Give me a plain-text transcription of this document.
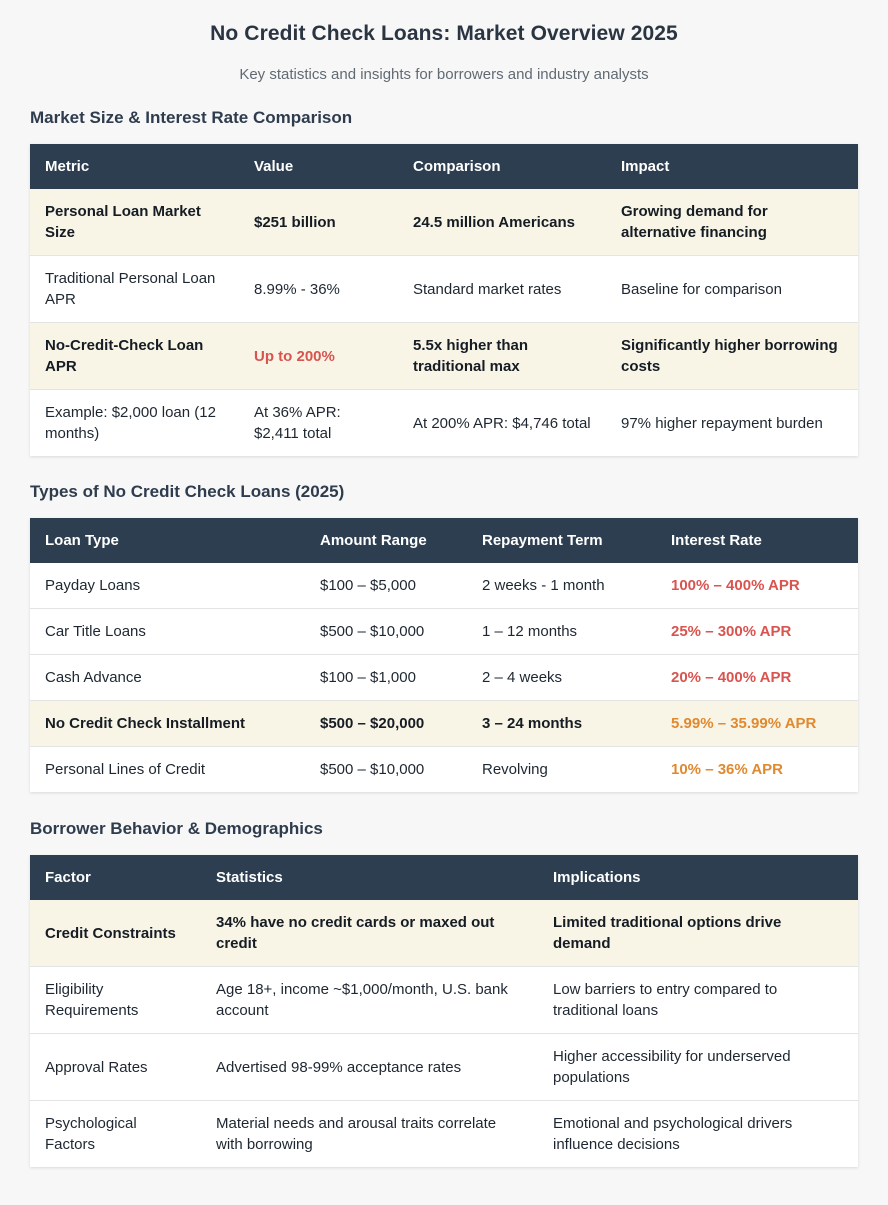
No Credit Check Loans: Market Overview 2025
Key statistics and insights for borrowers and industry analysts
Market Size & Interest Rate Comparison
Metric	Value	Comparison	Impact
Personal Loan Market Size	$251 billion	24.5 million Americans	Growing demand for alternative financing
Traditional Personal Loan APR	8.99% - 36%	Standard market rates	Baseline for comparison
No-Credit-Check Loan APR	Up to 200%	5.5x higher than traditional max	Significantly higher borrowing costs
Example: $2,000 loan (12 months)	At 36% APR: $2,411 total	At 200% APR: $4,746 total	97% higher repayment burden
Types of No Credit Check Loans (2025)
Loan Type	Amount Range	Repayment Term	Interest Rate
Payday Loans	$100 – $5,000	2 weeks - 1 month	100% – 400% APR
Car Title Loans	$500 – $10,000	1 – 12 months	25% – 300% APR
Cash Advance	$100 – $1,000	2 – 4 weeks	20% – 400% APR
No Credit Check Installment	$500 – $20,000	3 – 24 months	5.99% – 35.99% APR
Personal Lines of Credit	$500 – $10,000	Revolving	10% – 36% APR
Borrower Behavior & Demographics
Factor	Statistics	Implications
Credit Constraints	34% have no credit cards or maxed out credit	Limited traditional options drive demand
Eligibility Requirements	Age 18+, income ~$1,000/month, U.S. bank account	Low barriers to entry compared to traditional loans
Approval Rates	Advertised 98-99% acceptance rates	Higher accessibility for underserved populations
Psychological Factors	Material needs and arousal traits correlate with borrowing	Emotional and psychological drivers influence decisions
